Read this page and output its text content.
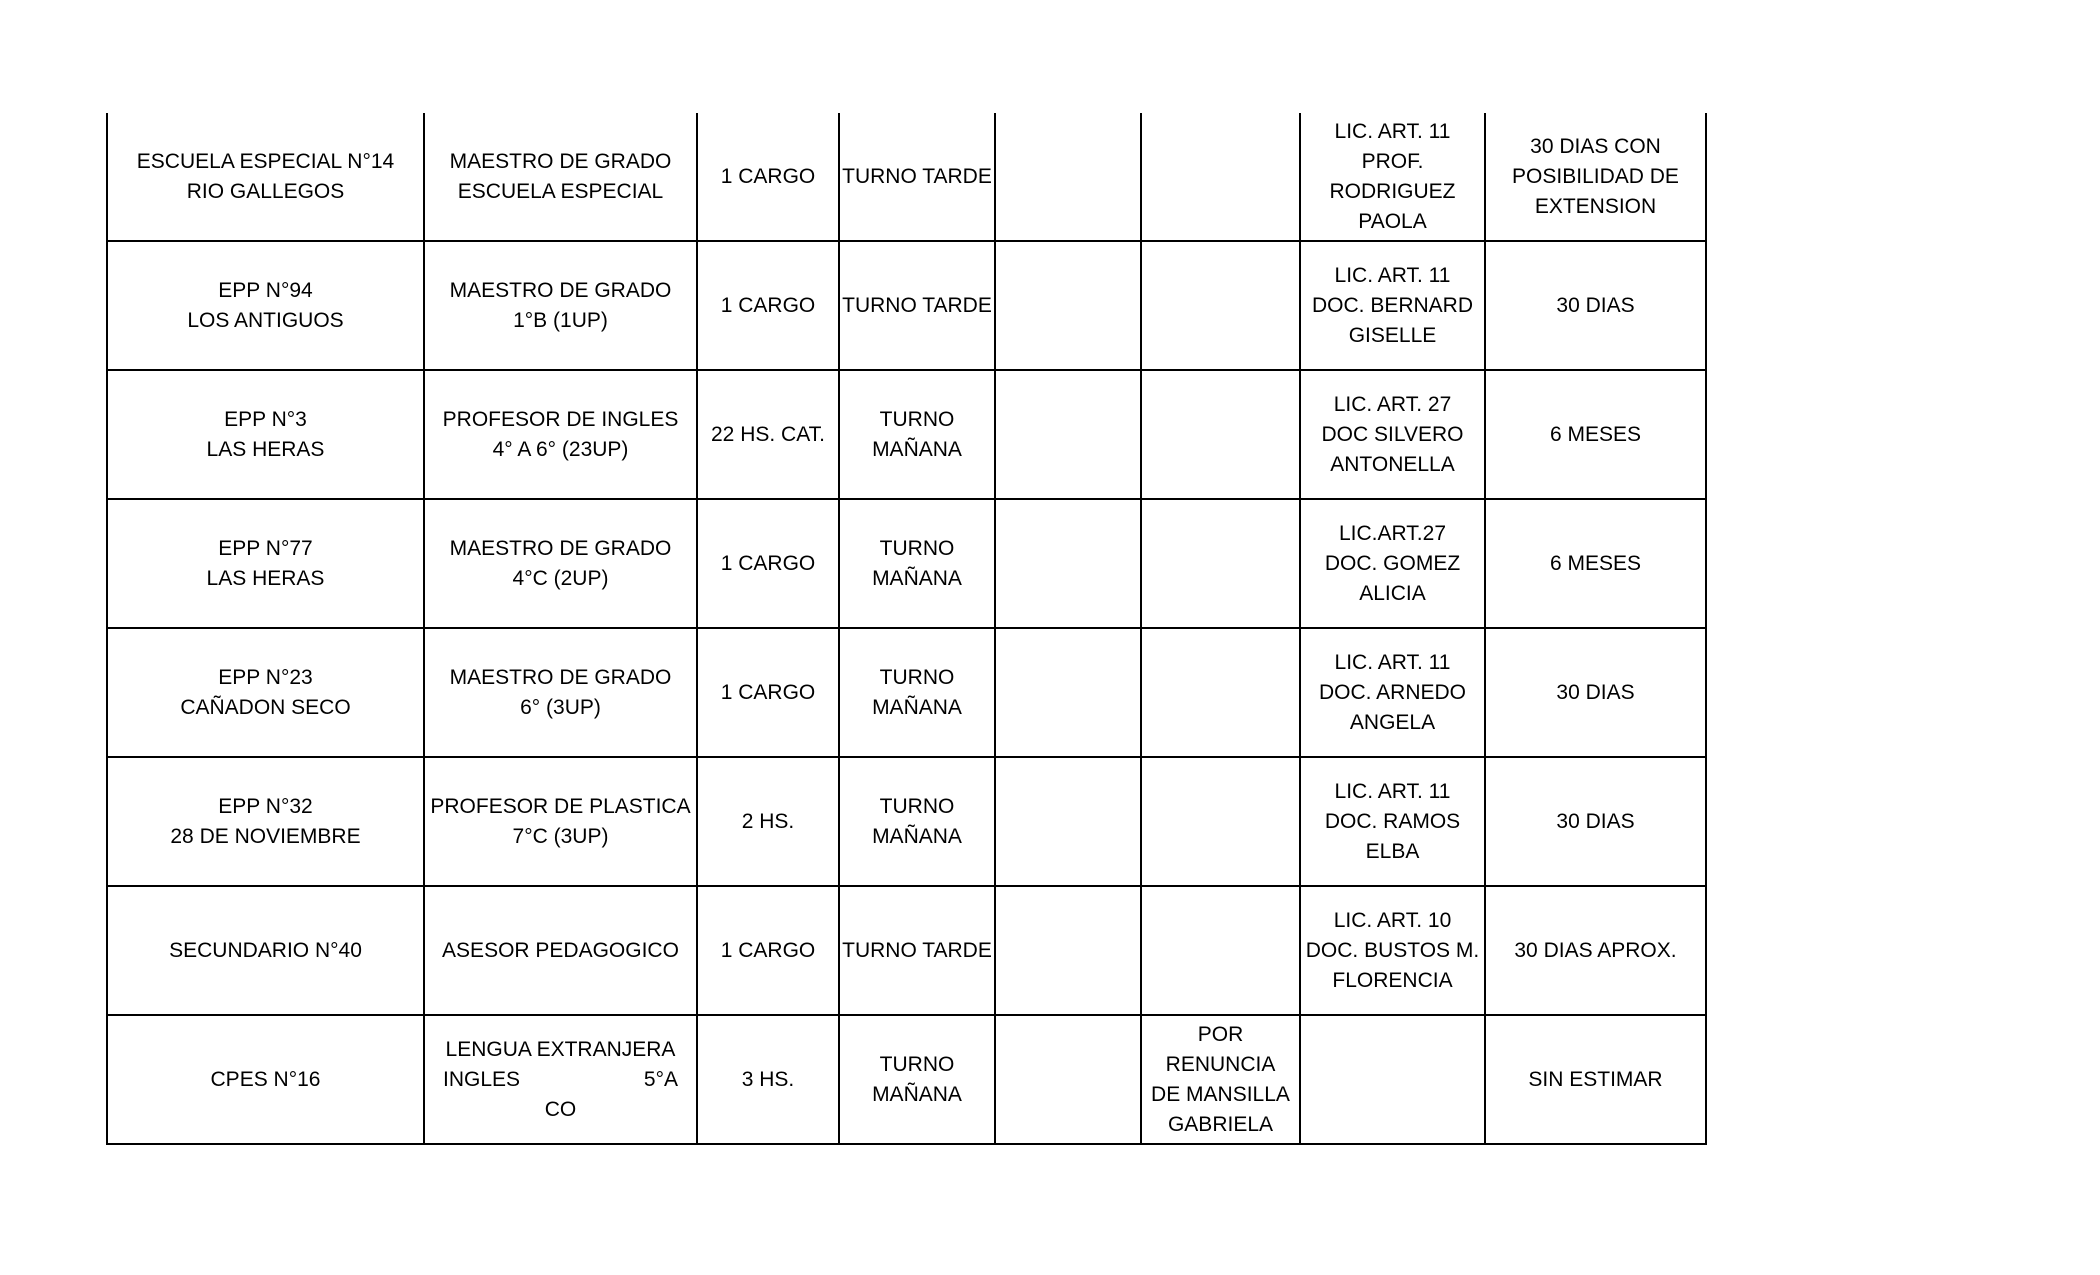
ESCUELA ESPECIAL N°14
RIO GALLEGOS	MAESTRO DE GRADO
ESCUELA ESPECIAL	1 CARGO	TURNO TARDE			LIC. ART. 11
PROF. RODRIGUEZ
PAOLA	30 DIAS CON
POSIBILIDAD DE
EXTENSION

EPP N°94
LOS ANTIGUOS	MAESTRO DE GRADO
1°B (1UP)	1 CARGO	TURNO TARDE			LIC. ART. 11
DOC. BERNARD
GISELLE	30 DIAS

EPP N°3
LAS HERAS	PROFESOR DE INGLES
4° A 6° (23UP)	22 HS. CAT.	TURNO
MAÑANA			LIC. ART. 27
DOC SILVERO
ANTONELLA	6 MESES

EPP N°77
LAS HERAS	MAESTRO DE GRADO
4°C (2UP)	1 CARGO	TURNO
MAÑANA			LIC.ART.27
DOC. GOMEZ
ALICIA	6 MESES

EPP N°23
CAÑADON SECO	MAESTRO DE GRADO
6° (3UP)	1 CARGO	TURNO
MAÑANA			LIC. ART. 11
DOC. ARNEDO
ANGELA	30 DIAS

EPP N°32
28 DE NOVIEMBRE	PROFESOR DE PLASTICA
7°C (3UP)	2 HS.	TURNO
MAÑANA			LIC. ART. 11
DOC. RAMOS
ELBA	30 DIAS

SECUNDARIO N°40	ASESOR PEDAGOGICO	1 CARGO	TURNO TARDE			LIC. ART. 10
DOC. BUSTOS M.
FLORENCIA	30 DIAS APROX.

CPES N°16	LENGUA EXTRANJERA
INGLES 5°A
CO	3 HS.	TURNO
MAÑANA		POR RENUNCIA
DE MANSILLA
GABRIELA		SIN ESTIMAR
